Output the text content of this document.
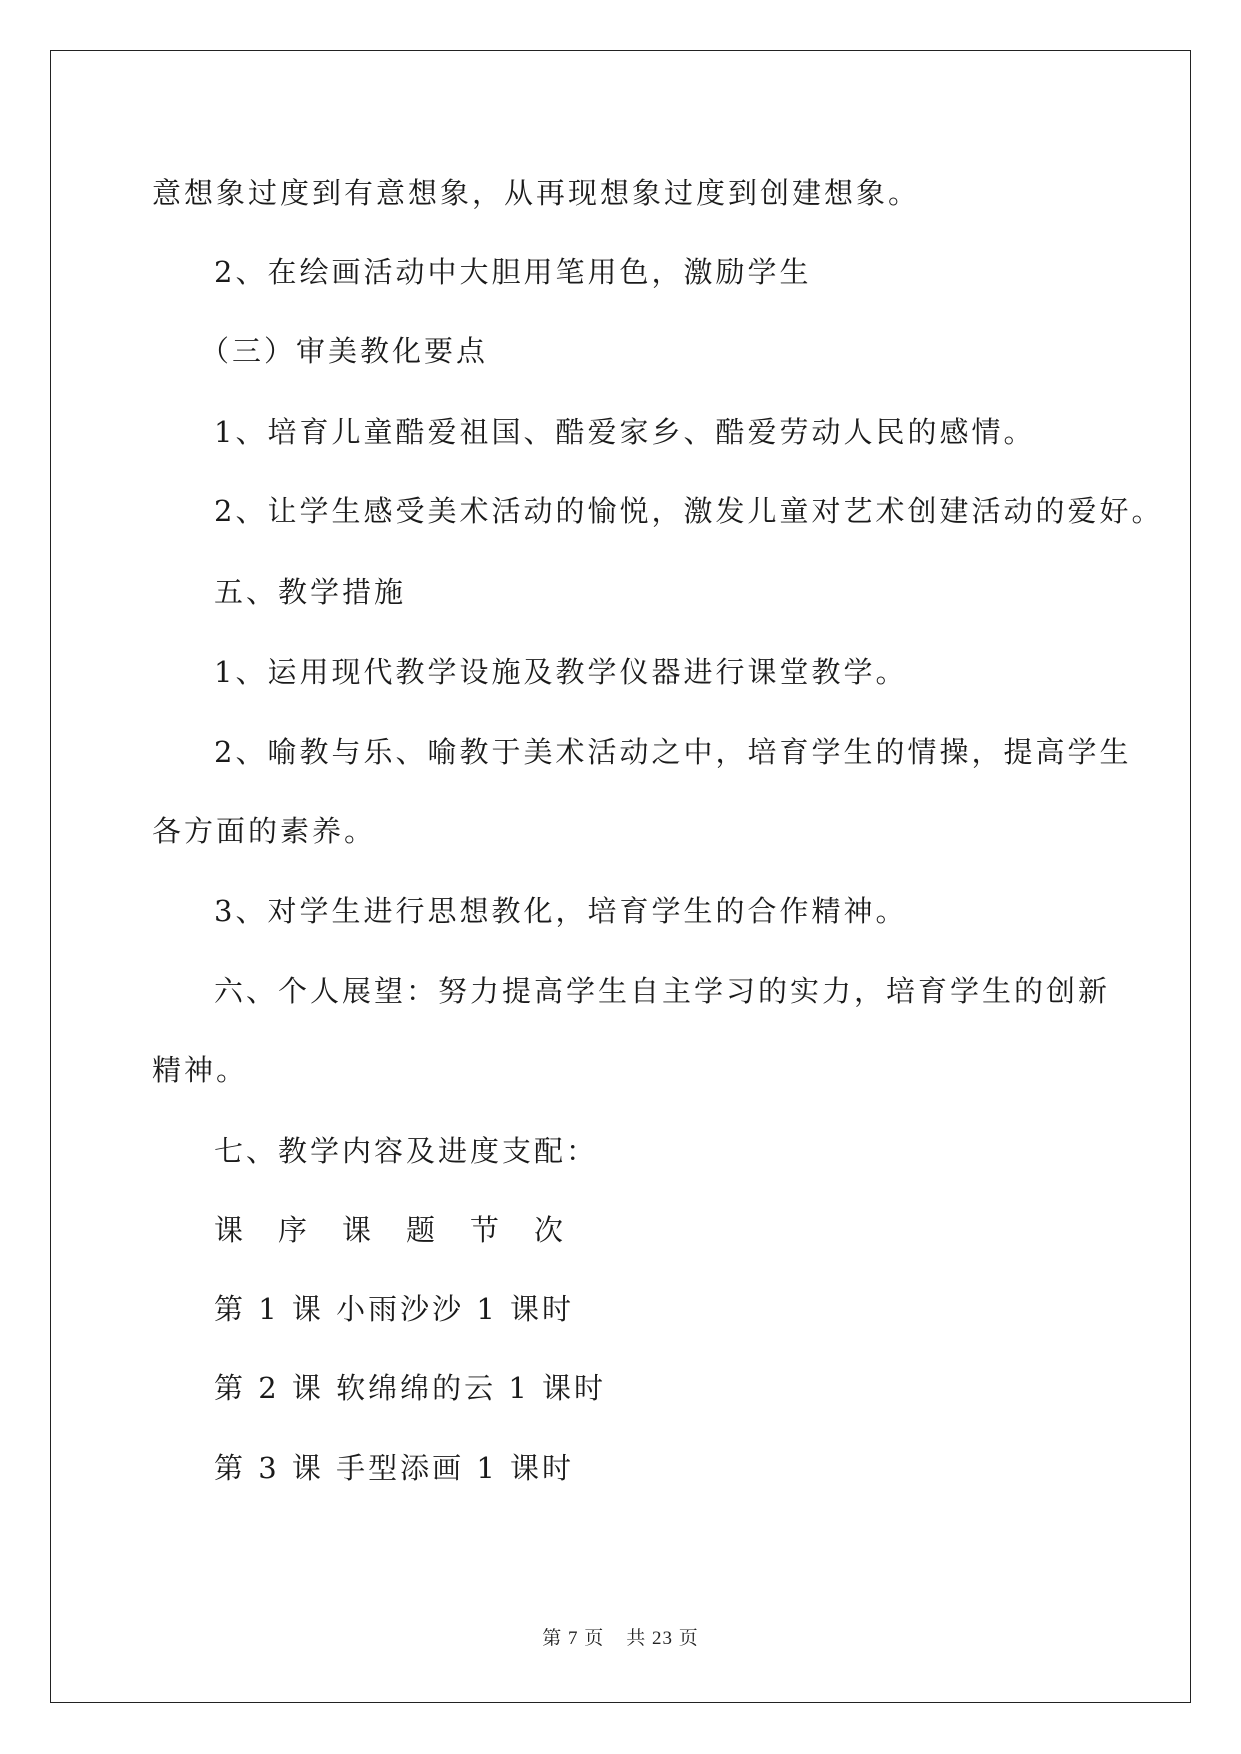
意想象过度到有意想象，从再现想象过度到创建想象。
2、在绘画活动中大胆用笔用色，激励学生
（三）审美教化要点
1、培育儿童酷爱祖国、酷爱家乡、酷爱劳动人民的感情。
2、让学生感受美术活动的愉悦，激发儿童对艺术创建活动的爱好。
五、教学措施
1、运用现代教学设施及教学仪器进行课堂教学。
2、喻教与乐、喻教于美术活动之中，培育学生的情操，提高学生
各方面的素养。
3、对学生进行思想教化，培育学生的合作精神。
六、个人展望：努力提高学生自主学习的实力，培育学生的创新
精神。
七、教学内容及进度支配：
课　序　课　题　节　次
第 1 课 小雨沙沙 1 课时
第 2 课 软绵绵的云 1 课时
第 3 课 手型添画 1 课时
第 7 页 共 23 页
